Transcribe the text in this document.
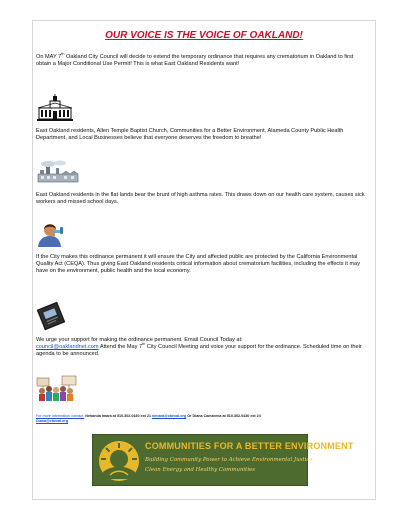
OUR VOICE IS THE VOICE OF OAKLAND!

On MAY 7th Oakland City Council will decide to extend the temporary ordinance that requires any crematorium in Oakland to first obtain a Major Conditional Use Permit! This is what East Oakland Residents want!

East Oakland residents, Allen Temple Baptist Church, Communities for a Better Environment, Alameda County Public Health Department, and Local Businesses believe that everyone deserves the freedom to breathe!

East Oakland residents in the flat lands bear the brunt of high asthma rates. This draws down on our health care system, causes sick workers and missed school days.

If the City makes this ordinance permanent it will ensure the City and affected public are protected by the California Environmental Quality Act (CEQA). Thus giving East Oakland residents critical information about crematorium facilities, including the effects it may have on the environment, public health and the local economy.

We urge your support for making the ordinance permanent. Email Council Today at:
council@oaklandnet.com Attend the May 7th City Council Meeting and voice your support for the ordinance. Scheduled time on their agenda to be announced.

For more information contact: Nehanda Imara at 510.302.0430 ext 21 nimara@cbecal.org Or Diana Camarena at 510.302.0430 ext 24
Diana@cbecal.org

COMMUNITIES FOR A BETTER ENVIRONMENT

Building Community Power to Achieve Environmental Justice,

Clean Energy and Healthy Communities
